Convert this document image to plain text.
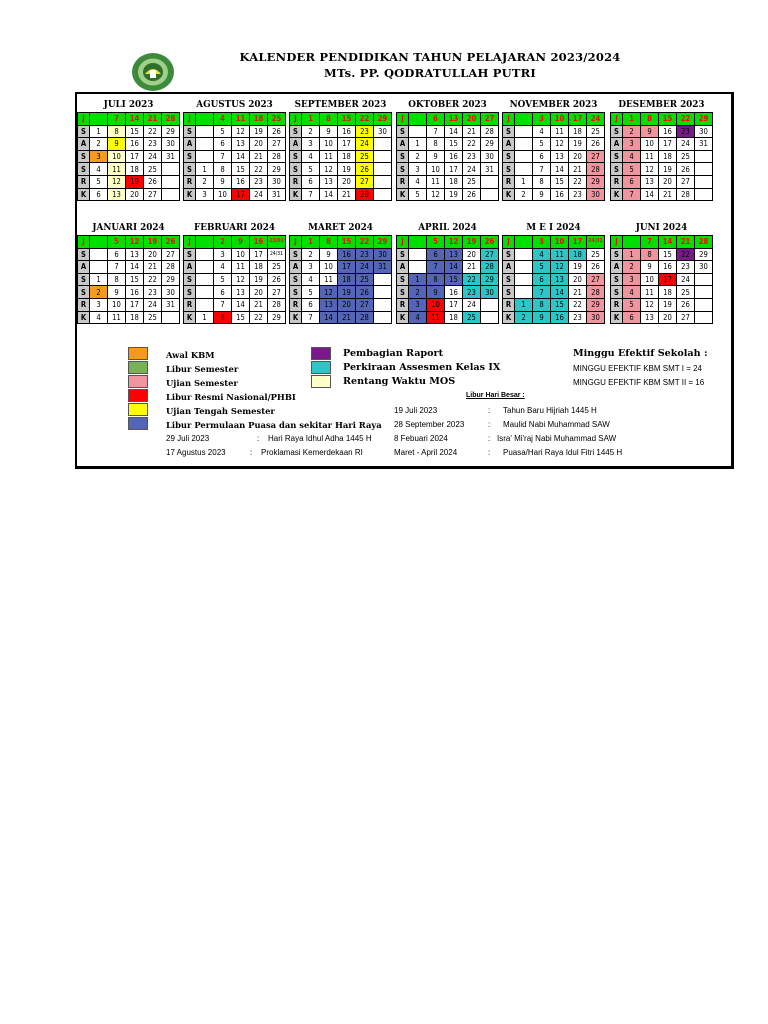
KALENDER PENDIDIKAN TAHUN PELAJARAN 2023/2024
MTs. PP. QODRATULLAH PUTRI
JULI 2023
J		7	14	21	28
S	1	8	15	22	29
A	2	9	16	23	30
S	3	10	17	24	31
S	4	11	18	25	
R	5	12	19	26	
K	6	13	20	27	
AGUSTUS 2023
J		4	11	18	25
S		5	12	19	26
A		6	13	20	27
S		7	14	21	28
S	1	8	15	22	29
R	2	9	16	23	30
K	3	10	17	24	31
SEPTEMBER 2023
J	1	8	15	22	29
S	2	9	16	23	30
A	3	10	17	24	
S	4	11	18	25	
S	5	12	19	26	
R	6	13	20	27	
K	7	14	21	28	
OKTOBER 2023
J		6	13	20	27
S		7	14	21	28
A	1	8	15	22	29
S	2	9	16	23	30
S	3	10	17	24	31
R	4	11	18	25	
K	5	12	19	26	
NOVEMBER 2023
J		3	10	17	24
S		4	11	18	25
A		5	12	19	26
S		6	13	20	27
S		7	14	21	28
R	1	8	15	22	29
K	2	9	16	23	30
DESEMBER 2023
J	1	8	15	22	29
S	2	9	16	23	30
A	3	10	17	24	31
S	4	11	18	25	
S	5	12	19	26	
R	6	13	20	27	
K	7	14	21	28	
JANUARI 2024
J		5	12	19	26
S		6	13	20	27
A		7	14	21	28
S	1	8	15	22	29
S	2	9	16	23	30
R	3	10	17	24	31
K	4	11	18	25	
FEBRUARI 2024
J		2	9	16	23/01
S		3	10	17	24/31
A		4	11	18	25
S		5	12	19	26
S		6	13	20	27
R		7	14	21	28
K	1	8	15	22	29
MARET 2024
J	1	8	15	22	29
S	2	9	16	23	30
A	3	10	17	24	31
S	4	11	18	25	
S	5	12	19	26	
R	6	13	20	27	
K	7	14	21	28	
APRIL 2024
J		5	12	19	26
S		6	13	20	27
A		7	14	21	28
S	1	8	15	22	29
S	2	9	16	23	30
R	3	10	17	24	
K	4	11	18	25	
M E I 2024
J		3	10	17	24/31
S		4	11	18	25
A		5	12	19	26
S		6	13	20	27
S		7	14	21	28
R	1	8	15	22	29
K	2	9	16	23	30
JUNI 2024
J		7	14	21	28
S	1	8	15	22	29
A	2	9	16	23	30
S	3	10	17	24	
S	4	11	18	25	
R	5	12	19	26	
K	6	13	20	27	
Awal KBM
Libur Semester
Ujian Semester
Libur Resmi Nasional/PHBI
Ujian Tengah Semester
Libur Permulaan Puasa dan sekitar Hari Raya
Pembagian Raport
Perkiraan Assesmen Kelas IX
Rentang Waktu MOS
Minggu Efektif Sekolah :
MINGGU EFEKTIF KBM SMT I = 24
MINGGU EFEKTIF KBM SMT II = 16
Libur Hari Besar :
29 Juli 2023	: Hari Raya Idhul Adha 1445 H
17 Agustus 2023	: Proklamasi Kemerdekaan RI
19 Juli 2023	: Tahun Baru Hijriah 1445 H
28 September 2023	: Maulid Nabi Muhammad SAW
8 Febuari 2024	: Isra' Mi'raj Nabi Muhammad SAW
Maret - April 2024	: Puasa/Hari Raya Idul Fitri 1445 H
